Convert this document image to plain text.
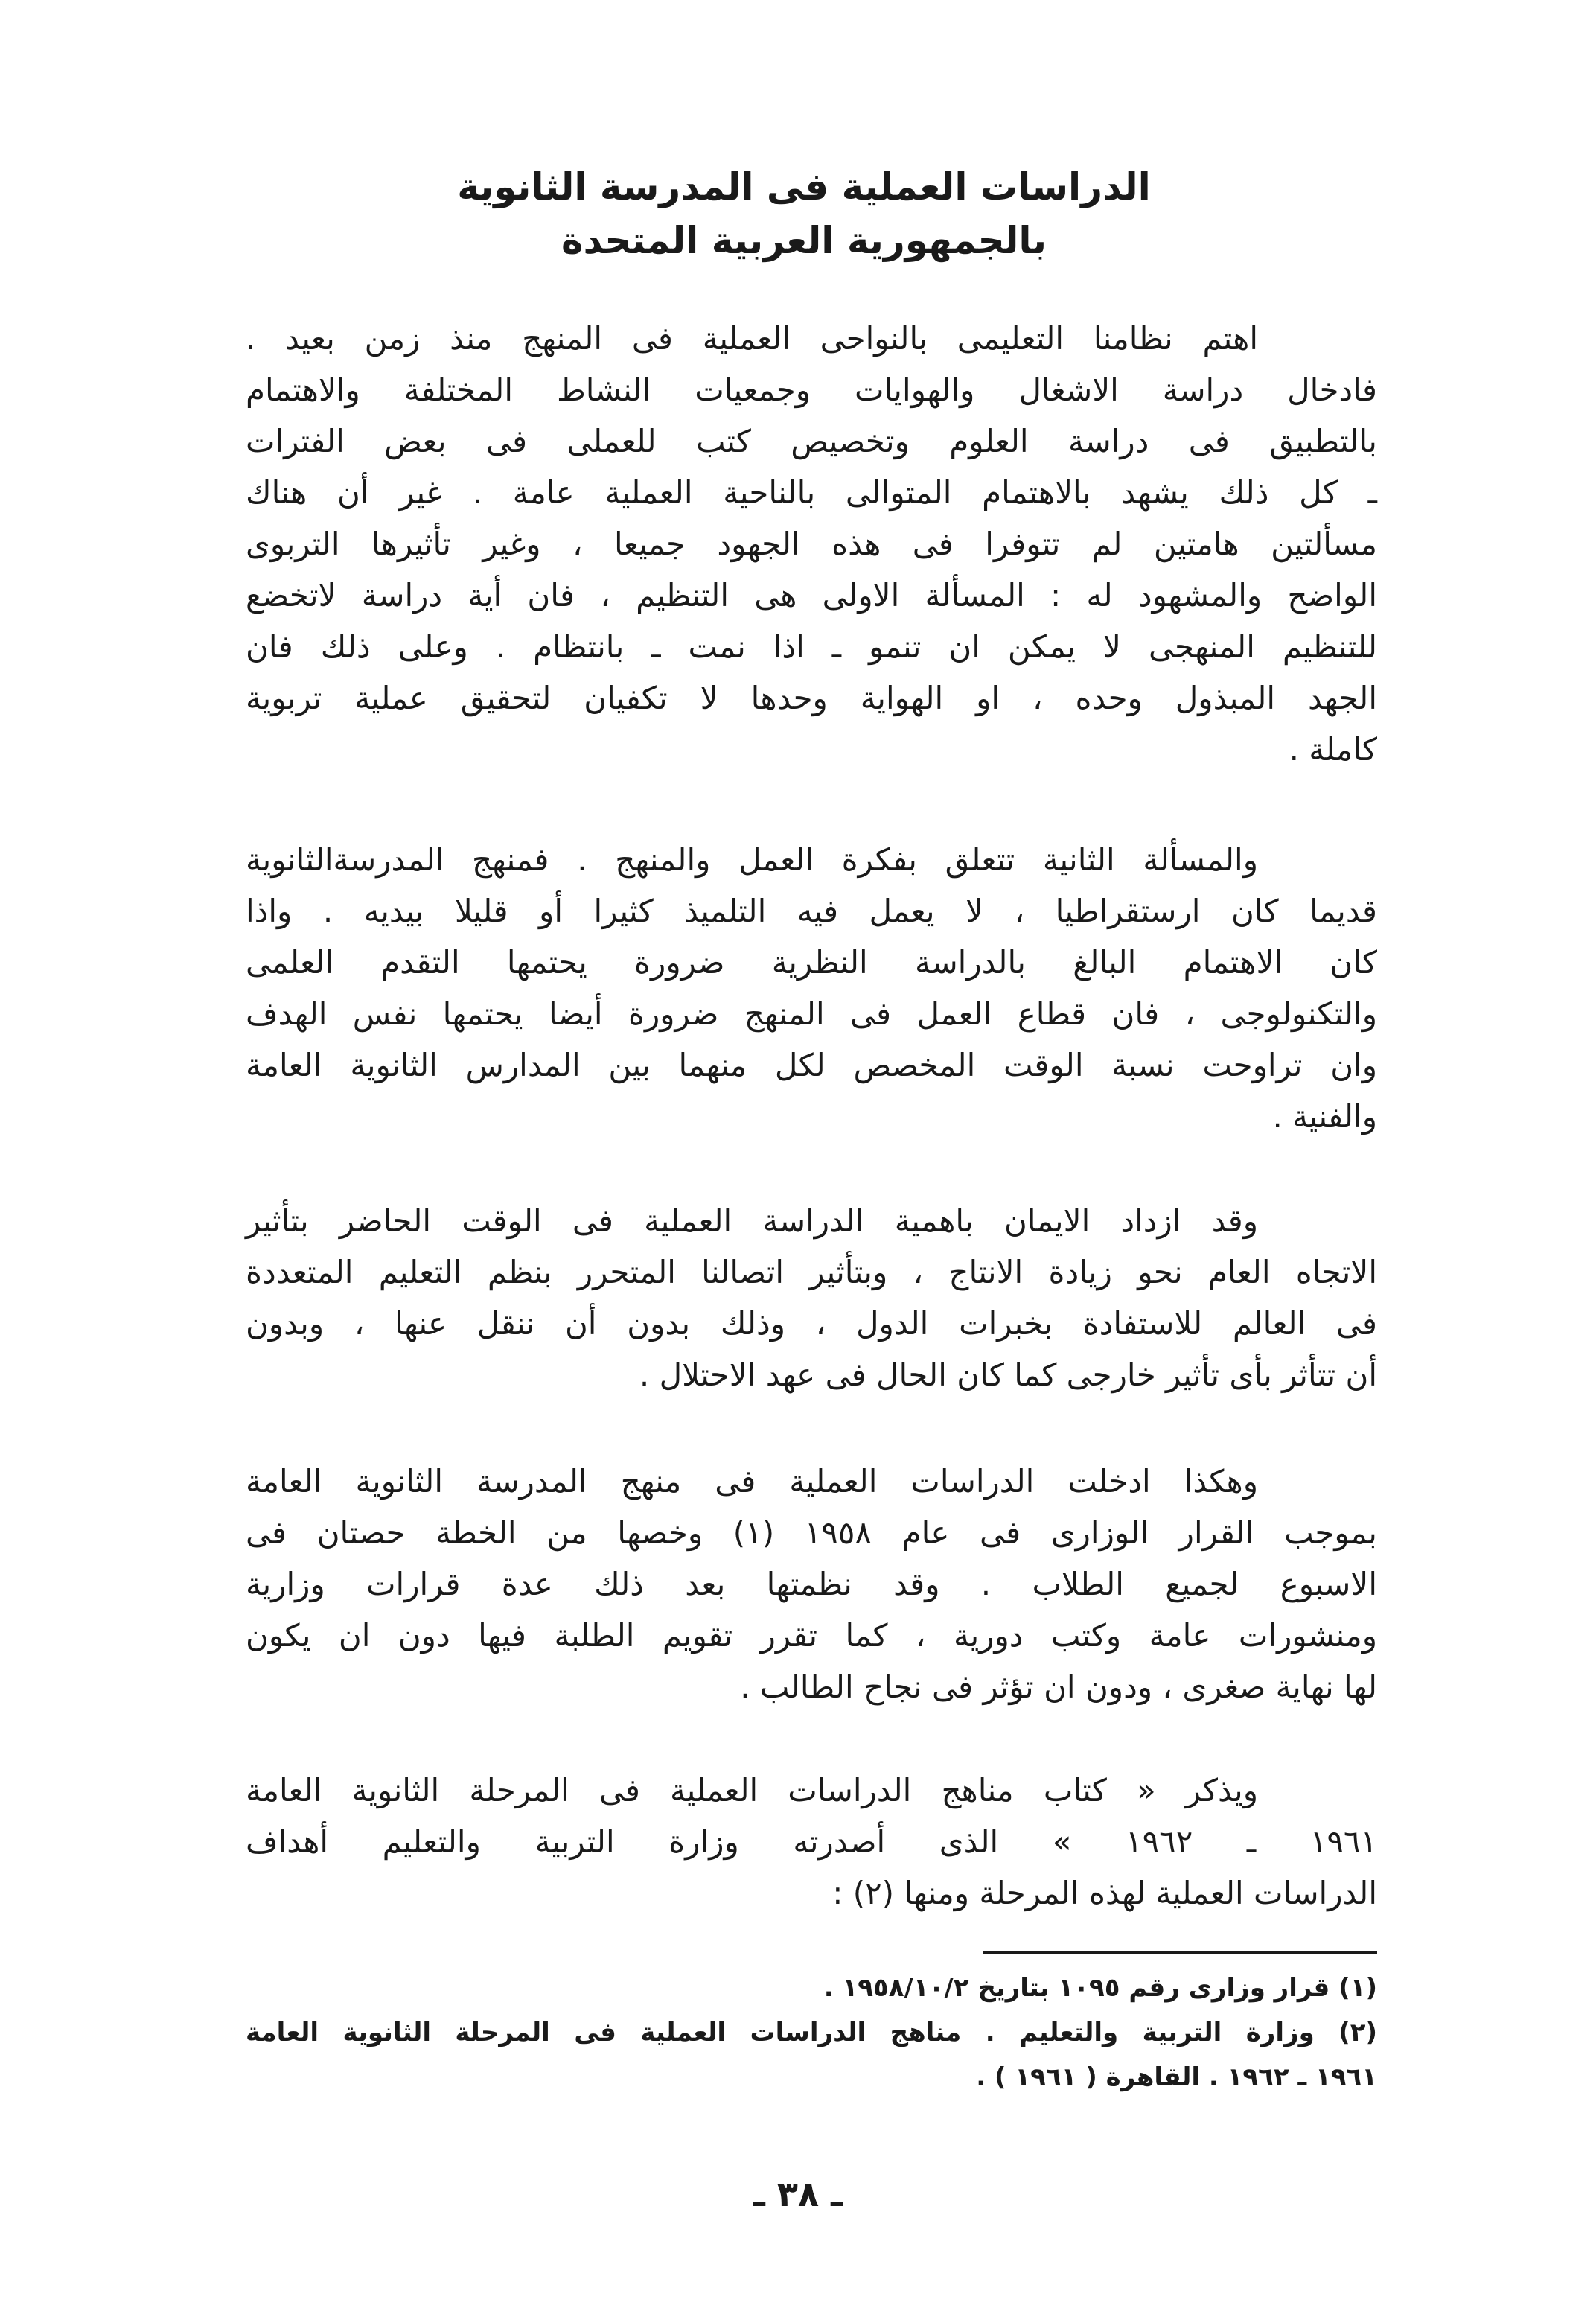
الدراسات العملية فى المدرسة الثانوية
بالجمهورية العربية المتحدة
اهتم نظامنا التعليمى بالنواحى العملية فى المنهج منذ زمن بعيد .
فادخال دراسة الاشغال والهوايات وجمعيات النشاط المختلفة والاهتمام
بالتطبيق فى دراسة العلوم وتخصيص كتب للعملى فى بعض الفترات
ـ كل ذلك يشهد بالاهتمام المتوالى بالناحية العملية عامة . غير أن هناك
مسألتين هامتين لم تتوفرا فى هذه الجهود جميعا ، وغير تأثيرها التربوى
الواضح والمشهود له : المسألة الاولى هى التنظيم ، فان أية دراسة لاتخضع
للتنظيم المنهجى لا يمكن ان تنمو ـ اذا نمت ـ بانتظام . وعلى ذلك فان
الجهد المبذول وحده ، او الهواية وحدها لا تكفيان لتحقيق عملية تربوية
كاملة .
والمسألة الثانية تتعلق بفكرة العمل والمنهج . فمنهج المدرسةالثانوية
قديما كان ارستقراطيا ، لا يعمل فيه التلميذ كثيرا أو قليلا بيديه . واذا
كان الاهتمام البالغ بالدراسة النظرية ضرورة يحتمها التقدم العلمى
والتكنولوجى ، فان قطاع العمل فى المنهج ضرورة أيضا يحتمها نفس الهدف
وان تراوحت نسبة الوقت المخصص لكل منهما بين المدارس الثانوية العامة
والفنية .
وقد ازداد الايمان باهمية الدراسة العملية فى الوقت الحاضر بتأثير
الاتجاه العام نحو زيادة الانتاج ، وبتأثير اتصالنا المتحرر بنظم التعليم المتعددة
فى العالم للاستفادة بخبرات الدول ، وذلك بدون أن ننقل عنها ، وبدون
أن تتأثر بأى تأثير خارجى كما كان الحال فى عهد الاحتلال .
وهكذا ادخلت الدراسات العملية فى منهج المدرسة الثانوية العامة
بموجب القرار الوزارى فى عام ١٩٥٨ (١) وخصها من الخطة حصتان فى
الاسبوع لجميع الطلاب . وقد نظمتها بعد ذلك عدة قرارات وزارية
ومنشورات عامة وكتب دورية ، كما تقرر تقويم الطلبة فيها دون ان يكون
لها نهاية صغرى ، ودون ان تؤثر فى نجاح الطالب .
ويذكر « كتاب مناهج الدراسات العملية فى المرحلة الثانوية العامة
١٩٦١ ـ ١٩٦٢ » الذى أصدرته وزارة التربية والتعليم أهداف
الدراسات العملية لهذه المرحلة ومنها (٢) :
(١) قرار وزارى رقم ١٠٩٥ بتاريخ ١٩٥٨/١٠/٢ .
(٢) وزارة التربية والتعليم . مناهج الدراسات العملية فى المرحلة الثانوية العامة
١٩٦١ ـ ١٩٦٢ . القاهرة ( ١٩٦١ ) .
ـ ٣٨ ـ
